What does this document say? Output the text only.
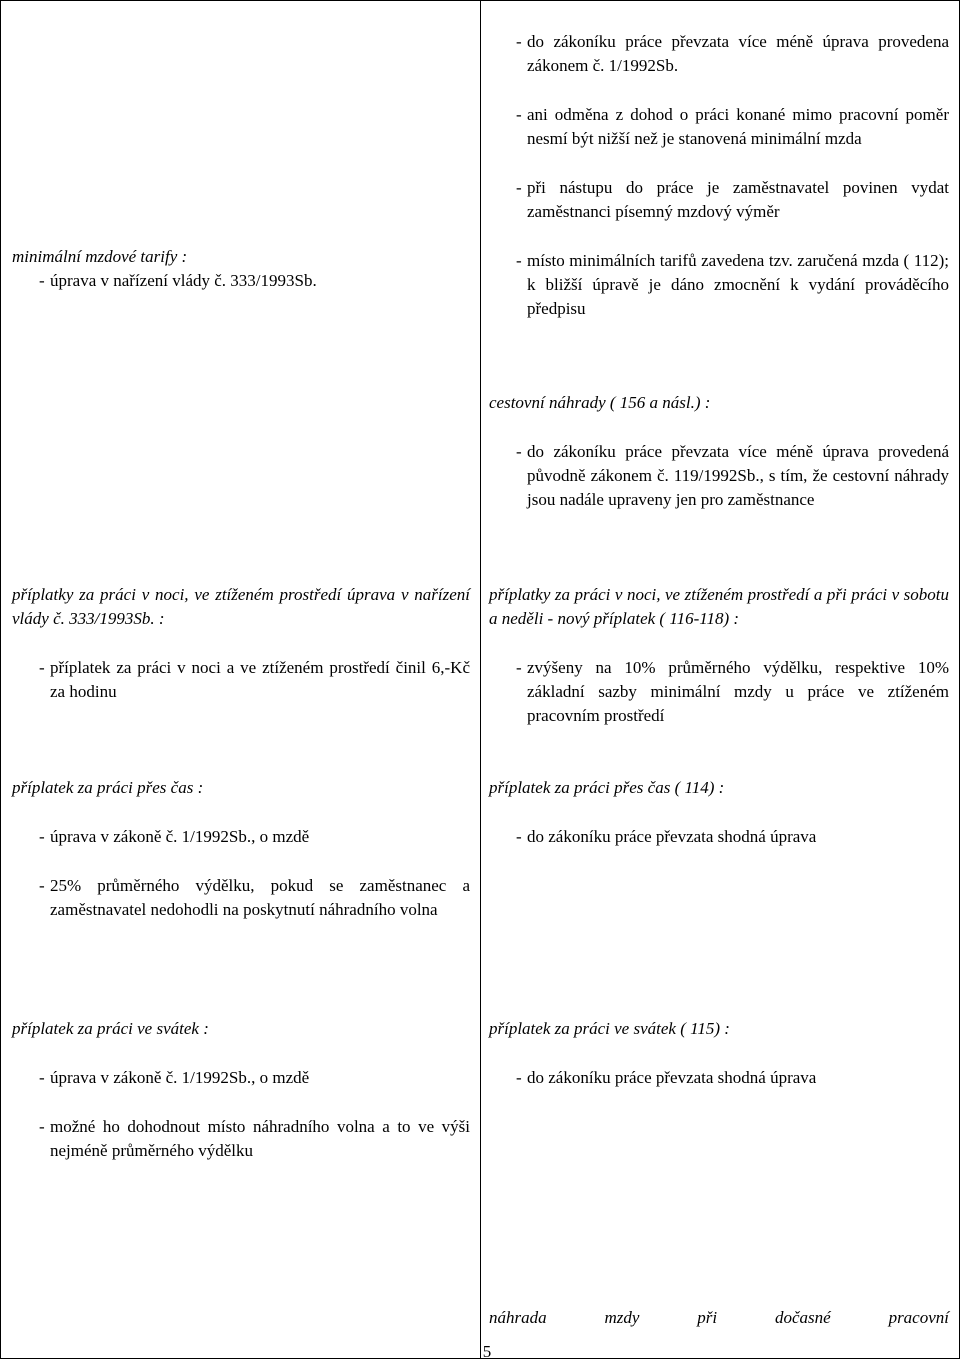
minimální mzdové tarify :
- úprava v nařízení vlády č. 333/1993Sb.
- do zákoníku práce převzata více méně úprava provedena zákonem č. 1/1992Sb.
- ani odměna z dohod o práci konané mimo pracovní poměr nesmí být nižší než je stanovená minimální mzda
- při nástupu do práce je zaměstnavatel povinen vydat zaměstnanci písemný mzdový výměr
- místo minimálních tarifů zavedena tzv. zaručená mzda ( 112); k bližší úpravě je dáno zmocnění k vydání prováděcího předpisu
cestovní náhrady ( 156 a násl.) :
- do zákoníku práce převzata více méně úprava provedená původně zákonem č. 119/1992Sb., s tím, že cestovní náhrady jsou nadále upraveny jen pro zaměstnance
příplatky za práci v noci, ve ztíženém prostředí úprava v nařízení vlády č. 333/1993Sb. :
- příplatek za práci v noci a ve ztíženém prostředí činil 6,-Kč za hodinu
příplatky za práci v noci, ve ztíženém prostředí a při práci v sobotu a neděli - nový příplatek ( 116-118) :
- zvýšeny na 10% průměrného výdělku, respektive 10% základní sazby minimální mzdy u práce ve ztíženém pracovním prostředí
příplatek za práci přes čas :
- úprava v zákoně č. 1/1992Sb., o mzdě
- 25% průměrného výdělku, pokud se zaměstnanec a zaměstnavatel nedohodli na poskytnutí náhradního volna
příplatek za práci přes čas ( 114) :
- do zákoníku práce převzata shodná úprava
příplatek za práci ve svátek :
- úprava v zákoně č. 1/1992Sb., o mzdě
- možné ho dohodnout místo náhradního volna a to ve výši nejméně průměrného výdělku
příplatek za práci ve svátek ( 115) :
- do zákoníku práce převzata shodná úprava
náhrada mzdy při dočasné pracovní
5
